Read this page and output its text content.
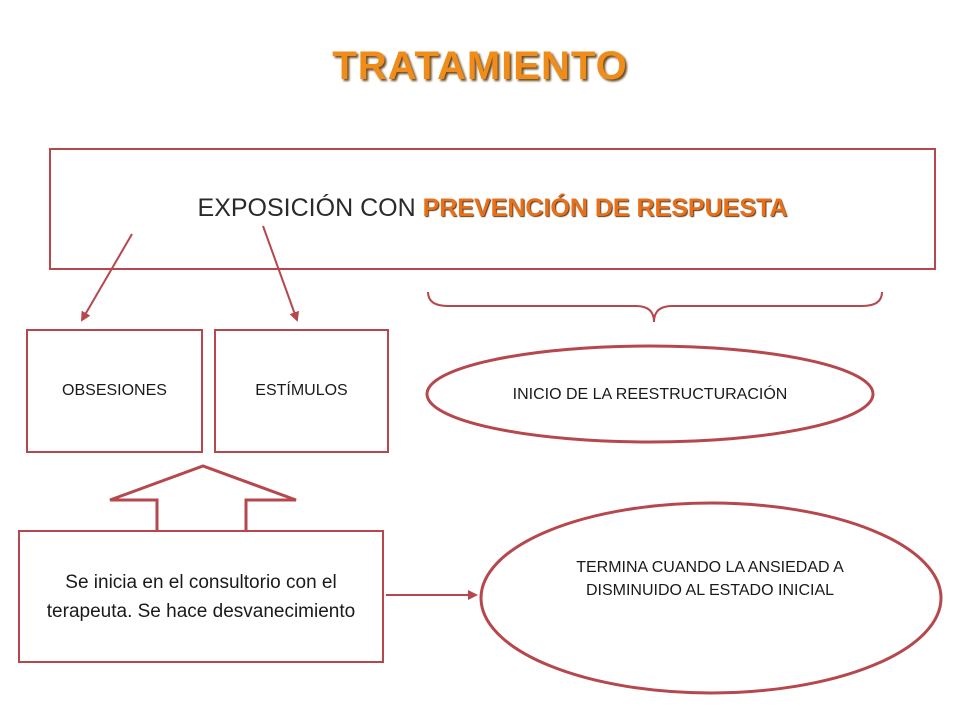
TRATAMIENTO
EXPOSICIÓN CON PREVENCIÓN DE RESPUESTA
OBSESIONES	ESTÍMULOS
Se inicia en el consultorio con el terapeuta. Se hace desvanecimiento
INICIO DE LA REESTRUCTURACIÓN
TERMINA CUANDO LA ANSIEDAD A DISMINUIDO AL ESTADO INICIAL
